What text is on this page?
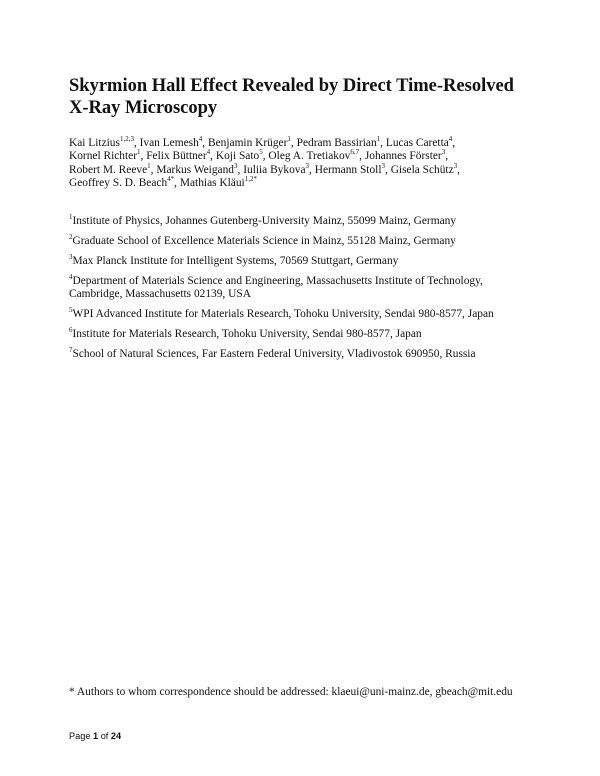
Skyrmion Hall Effect Revealed by Direct Time-Resolved
X-Ray Microscopy
Kai Litzius$^{1,2,3}$, Ivan Lemesh$^4$, Benjamin Krüger$^1$, Pedram Bassirian$^1$, Lucas Caretta$^4$, Kornel Richter$^1$, Felix Büttner$^4$, Koji Sato$^5$, Oleg A. Tretiakov$^{6,7}$, Johannes Förster$^3$, Robert M. Reeve$^1$, Markus Weigand$^3$, Iuliia Bykova$^3$, Hermann Stoll$^3$, Gisela Schütz$^3$, Geoffrey S. D. Beach$^{4*}$, Mathias Kläui$^{1,2*}$
$^1$Institute of Physics, Johannes Gutenberg-University Mainz, 55099 Mainz, Germany
$^2$Graduate School of Excellence Materials Science in Mainz, 55128 Mainz, Germany
$^3$Max Planck Institute for Intelligent Systems, 70569 Stuttgart, Germany
$^4$Department of Materials Science and Engineering, Massachusetts Institute of Technology, Cambridge, Massachusetts 02139, USA
$^5$WPI Advanced Institute for Materials Research, Tohoku University, Sendai 980-8577, Japan
$^6$Institute for Materials Research, Tohoku University, Sendai 980-8577, Japan
$^7$School of Natural Sciences, Far Eastern Federal University, Vladivostok 690950, Russia
* Authors to whom correspondence should be addressed: klaeui@uni-mainz.de, gbeach@mit.edu
Page 1 of 24
